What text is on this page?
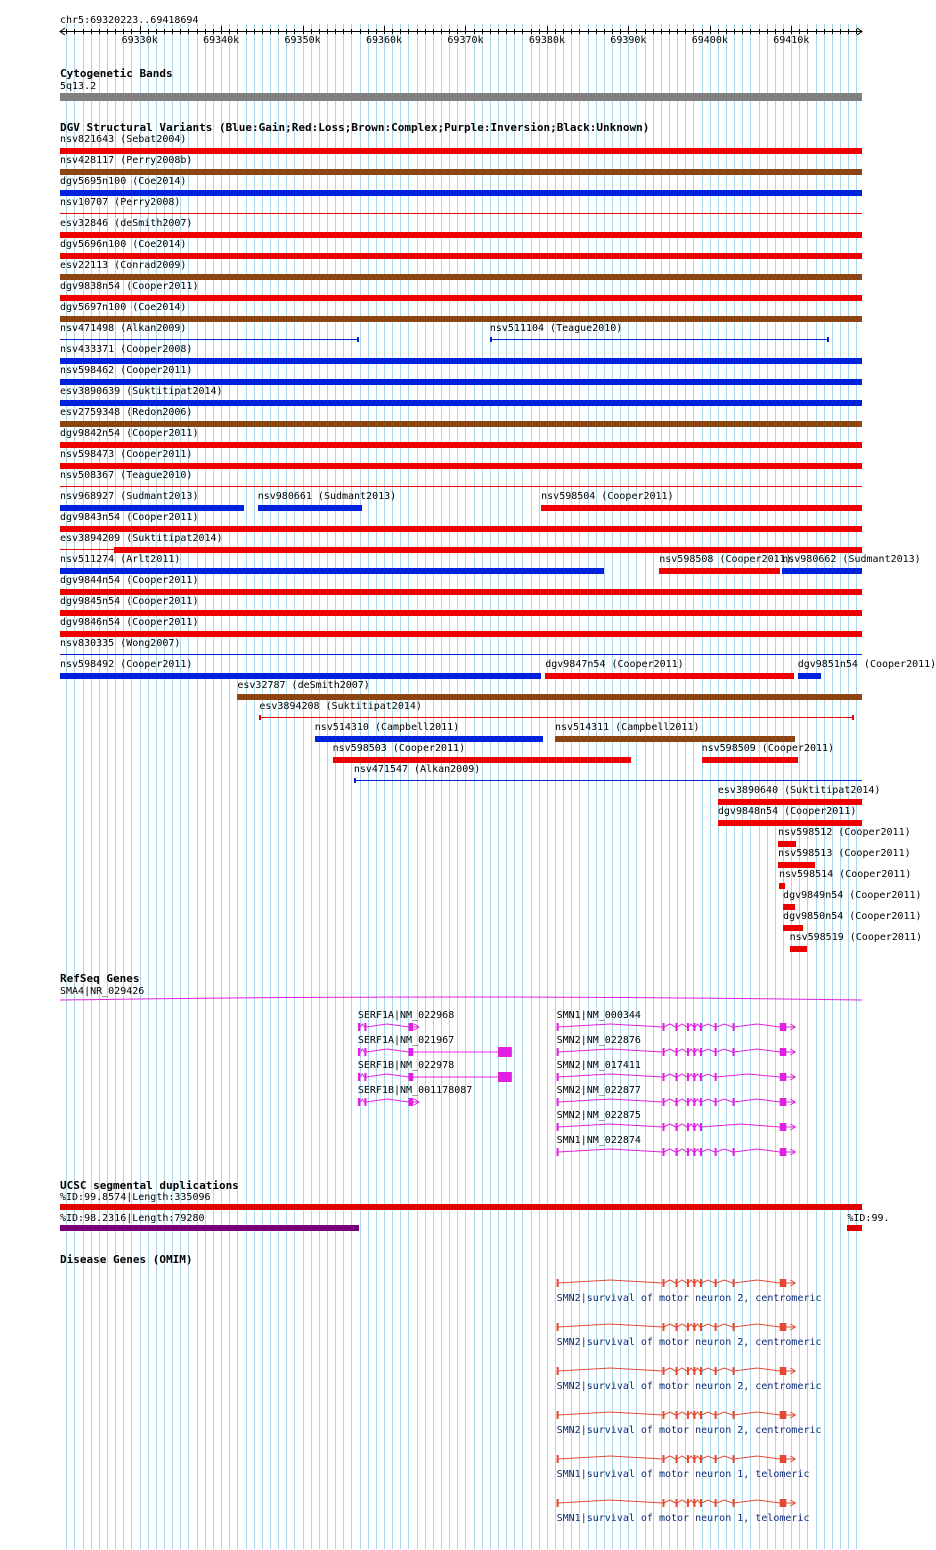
chr5:69320223..69418694
Cytogenetic Bands
5q13.2
DGV Structural Variants (Blue:Gain;Red:Loss;Brown:Complex;Purple:Inversion;Black:Unknown)
nsv821643 (Sebat2004)
nsv428117 (Perry2008b)
dgv5695n100 (Coe2014)
nsv10707 (Perry2008)
esv32846 (deSmith2007)
dgv5696n100 (Coe2014)
esv22113 (Conrad2009)
dgv9838n54 (Cooper2011)
dgv5697n100 (Coe2014)
nsv471498 (Alkan2009)	nsv511104 (Teague2010)
nsv433371 (Cooper2008)
nsv598462 (Cooper2011)
esv3890639 (Suktitipat2014)
esv2759348 (Redon2006)
dgv9842n54 (Cooper2011)
nsv598473 (Cooper2011)
nsv508367 (Teague2010)
nsv968927 (Sudmant2013)	nsv980661 (Sudmant2013)	nsv598504 (Cooper2011)
dgv9843n54 (Cooper2011)
esv3894209 (Suktitipat2014)
nsv511274 (Arlt2011)	nsv598508 (Cooper2011)
nsv980662 (Sudmant2013)
dgv9844n54 (Cooper2011)
dgv9845n54 (Cooper2011)
dgv9846n54 (Cooper2011)
nsv830335 (Wong2007)
nsv598492 (Cooper2011)	dgv9847n54 (Cooper2011)	dgv9851n54 (Cooper2011)
esv32787 (deSmith2007)
esv3894208 (Suktitipat2014)
nsv514310 (Campbell2011)	nsv514311 (Campbell2011)
nsv598503 (Cooper2011)	nsv598509 (Cooper2011)
nsv471547 (Alkan2009)
esv3890640 (Suktitipat2014)
dgv9848n54 (Cooper2011)
nsv598512 (Cooper2011)
nsv598513 (Cooper2011)
nsv598514 (Cooper2011)
dgv9849n54 (Cooper2011)
dgv9850n54 (Cooper2011)
nsv598519 (Cooper2011)
RefSeq Genes
SMA4|NR_029426
SERF1A|NM_022968
SERF1A|NM_021967
SERF1B|NM_022978
SERF1B|NM_001178087
SMN1|NM_000344
SMN2|NM_022876
SMN2|NM_017411
SMN2|NM_022877
SMN2|NM_022875
SMN1|NM_022874
UCSC segmental duplications
%ID:99.8574|Length:335096
%ID:98.2316|Length:79280	%ID:99.
Disease Genes (OMIM)
SMN2|survival of motor neuron 2, centromeric
SMN2|survival of motor neuron 2, centromeric
SMN2|survival of motor neuron 2, centromeric
SMN2|survival of motor neuron 2, centromeric
SMN1|survival of motor neuron 1, telomeric
SMN1|survival of motor neuron 1, telomeric
69330k	69340k	69350k	69360k	69370k	69380k	69390k	69400k	69410k
